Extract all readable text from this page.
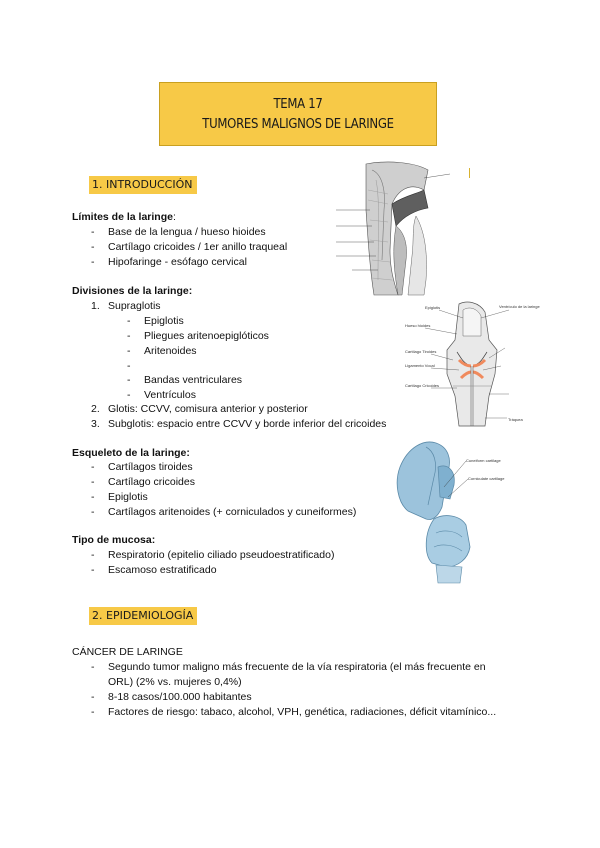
TEMA 17
TUMORES MALIGNOS DE LARINGE
1. INTRODUCCIÓN
Límites de la laringe:
- Base de la lengua / hueso hioides
- Cartílago cricoides / 1er anillo traqueal
- Hipofaringe - esófago cervical
Divisiones de la laringe:
1. Supraglotis
- Epiglotis
- Pliegues aritenoepiglóticos
- Aritenoides
-
- Bandas ventriculares
- Ventrículos
2. Glotis: CCVV, comisura anterior y posterior
3. Subglotis: espacio entre CCVV y borde inferior del cricoides
Esqueleto de la laringe:
- Cartílagos tiroides
- Cartílago cricoides
- Epiglotis
- Cartílagos aritenoides (+ corniculados y cuneiformes)
Tipo de mucosa:
- Respiratorio (epitelio ciliado pseudoestratificado)
- Escamoso estratificado
2. EPIDEMIOLOGÍA
CÁNCER DE LARINGE
- Segundo tumor maligno más frecuente de la vía respiratoria (el más frecuente en
ORL) (2% vs. mujeres 0,4%)
- 8-18 casos/100.000 habitantes
- Factores de riesgo: tabaco, alcohol, VPH, genética, radiaciones, déficit vitamínico...
Epiglotis	Ventrículo de la laringe
Hueso hioides
Cartílago Tiroides
Ligamento Vocal
Cartílago Cricoides
Tráquea
Cuneiform cartilage
Corniculate cartilage
